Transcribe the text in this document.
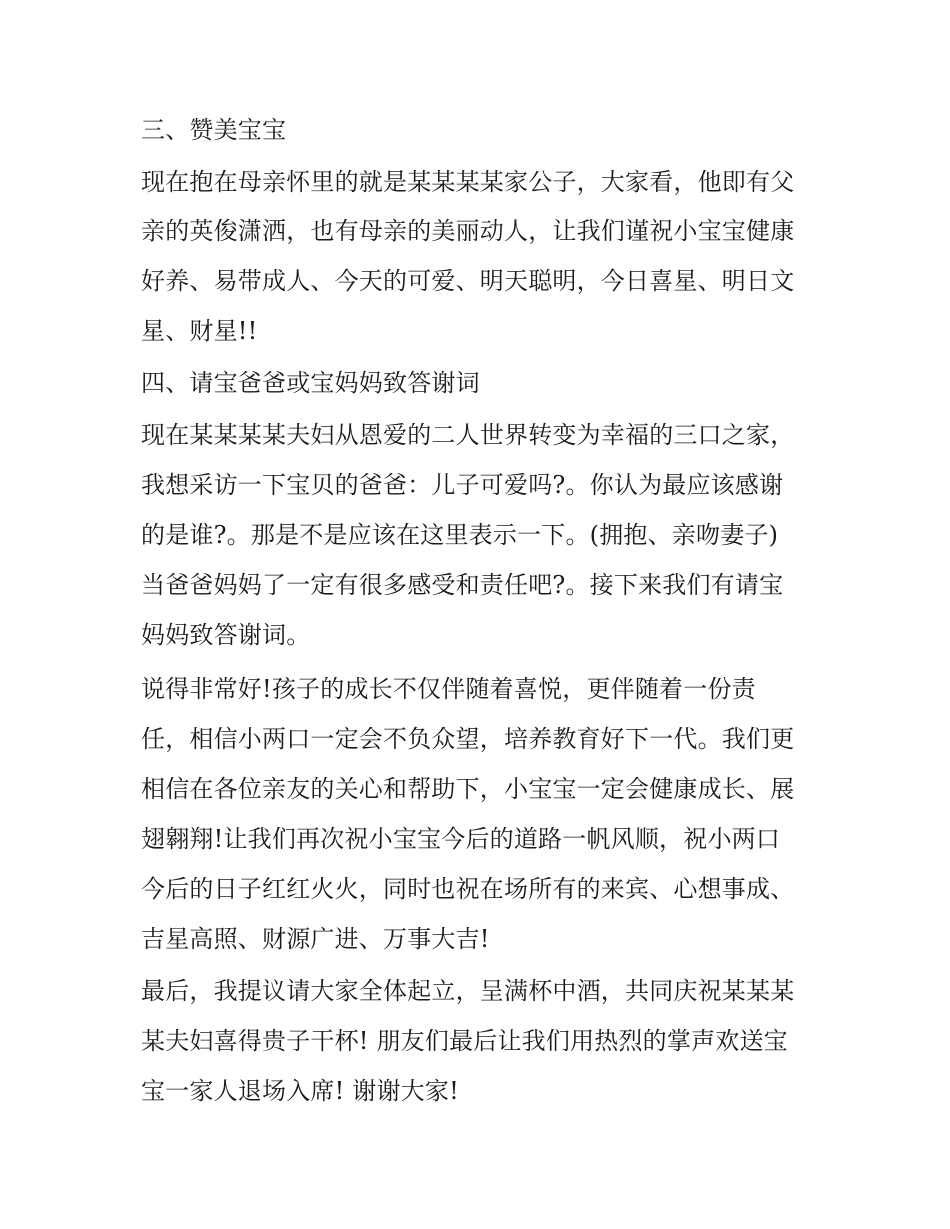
三、赞美宝宝
现在抱在母亲怀里的就是某某某某家公子，大家看，他即有父
亲的英俊潇洒，也有母亲的美丽动人，让我们谨祝小宝宝健康
好养、易带成人、今天的可爱、明天聪明，今日喜星、明日文
星、财星!!
四、请宝爸爸或宝妈妈致答谢词
现在某某某某夫妇从恩爱的二人世界转变为幸福的三口之家，
我想采访一下宝贝的爸爸：儿子可爱吗?。你认为最应该感谢
的是谁?。那是不是应该在这里表示一下。(拥抱、亲吻妻子)
当爸爸妈妈了一定有很多感受和责任吧?。接下来我们有请宝
妈妈致答谢词。
说得非常好!孩子的成长不仅伴随着喜悦，更伴随着一份责
任，相信小两口一定会不负众望，培养教育好下一代。我们更
相信在各位亲友的关心和帮助下，小宝宝一定会健康成长、展
翅翱翔!让我们再次祝小宝宝今后的道路一帆风顺，祝小两口
今后的日子红红火火，同时也祝在场所有的来宾、心想事成、
吉星高照、财源广进、万事大吉!
最后，我提议请大家全体起立，呈满杯中酒，共同庆祝某某某
某夫妇喜得贵子干杯! 朋友们最后让我们用热烈的掌声欢送宝
宝一家人退场入席! 谢谢大家!
